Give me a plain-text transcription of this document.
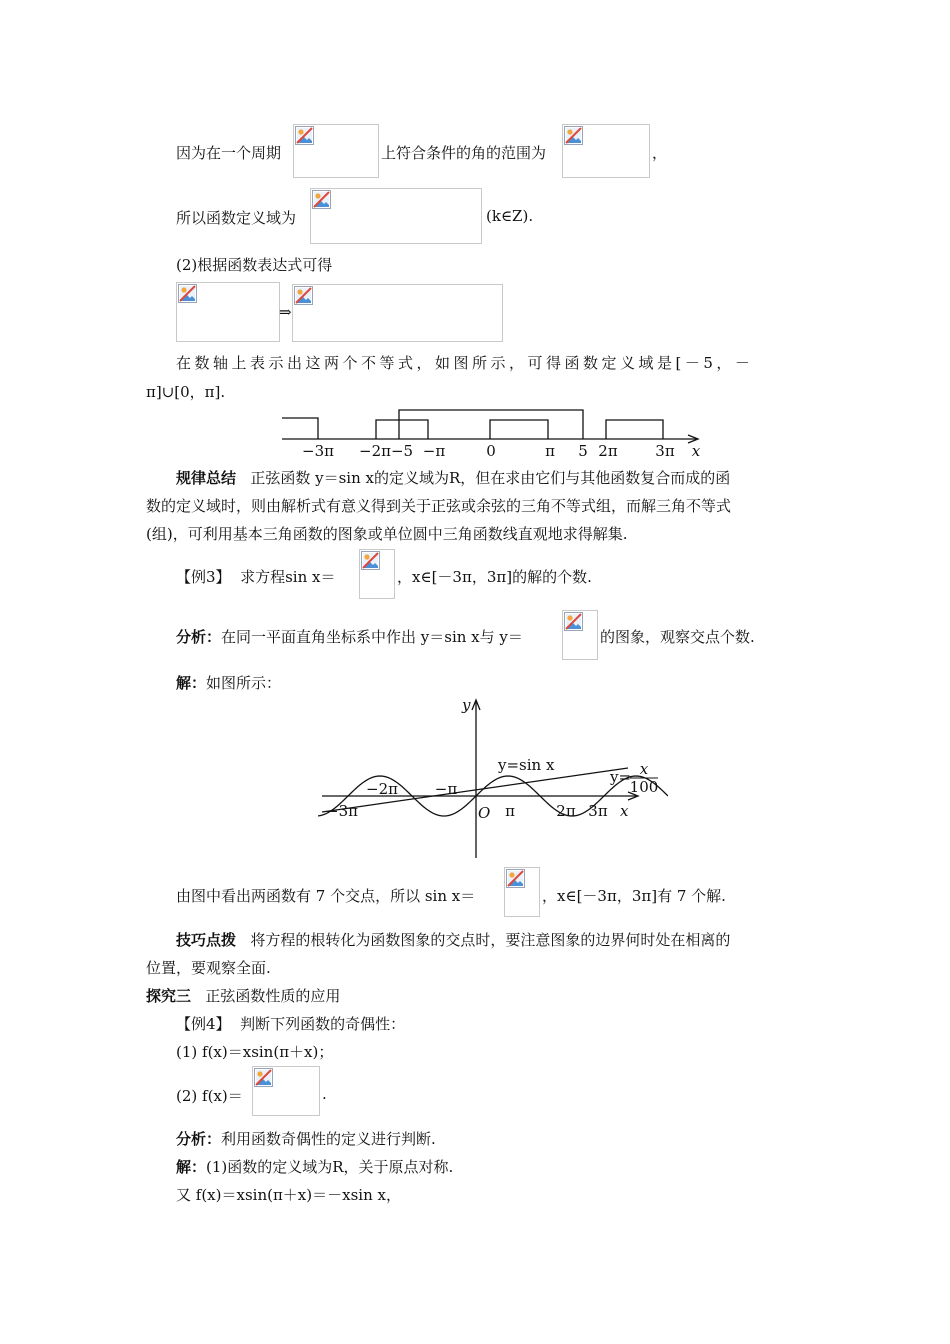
因为在一个周期	上符合条件的角的范围为	，
所以函数定义域为	(k∈Z).
(2)根据函数表达式可得
⇒
在数轴上表示出这两个不等式，如图所示，可得函数定义域是[－5，－
π]∪[0，π].
−3π −2π −5 −π	0	π 5 2π	3π x
规律总结 正弦函数 y＝sin x的定义域为R，但在求由它们与其他函数复合而成的函
数的定义域时，则由解析式有意义得到关于正弦或余弦的三角不等式组，而解三角不等式
(组)，可利用基本三角函数的图象或单位圆中三角函数线直观地求得解集.
【例3】 求方程sin x＝	，x∈[－3π，3π]的解的个数.
分析：在同一平面直角坐标系中作出 y＝sin x与 y＝	的图象，观察交点个数.
解：如图所示：
y
x
O
y=sin x
y= x
100
−3π
−2π −π
π	2π 3π
由图中看出两函数有 7 个交点，所以 sin x＝	，x∈[－3π，3π]有 7 个解.
技巧点拨 将方程的根转化为函数图象的交点时，要注意图象的边界何时处在相离的
位置，要观察全面.
探究三 正弦函数性质的应用
【例4】 判断下列函数的奇偶性：
(1) f(x)＝xsin(π＋x)；
(2) f(x)＝	.
分析：利用函数奇偶性的定义进行判断.
解：(1)函数的定义域为R，关于原点对称.
又 f(x)＝xsin(π＋x)＝－xsin x，
